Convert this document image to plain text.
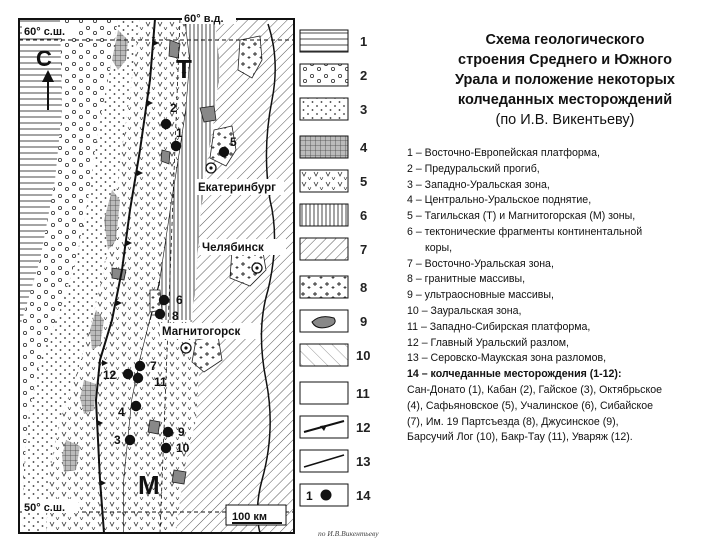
60° с.ш.
60° в.д.
50° с.ш.
С	Т
М
Екатеринбург
Челябинск
Магнитогорск
1
2
3
4
5
6
7
8
9
10
11
12
100 км
по И.В.Викентьеву
1
1
2
3
4
5
6
7
8
9
10
11
12
13
14
Схема геологического
строения Среднего и Южного
Урала и положение некоторых
колчеданных месторождений
(по И.В. Викентьеву)
1 – Восточно-Европейская платформа,
2 – Предуральский прогиб,
3 – Западно-Уральская зона,
4 – Центрально-Уральское поднятие,
5 – Тагильская (Т) и Магнитогорская (М) зоны,
6 – тектонические фрагменты континентальной
коры,
7 – Восточно-Уральская зона,
8 – гранитные массивы,
9 – ультраосновные массивы,
10 – Зауральская зона,
11 – Западно-Сибирская платформа,
12 – Главный Уральский разлом,
13 – Серовско-Маукская зона разломов,
14 – колчеданные месторождения (1-12):
Сан-Донато (1), Кабан (2), Гайское (3), Октябрьское
(4), Сафьяновское (5), Учалинское (6), Сибайское
(7), Им. 19 Партсъезда (8), Джусинское (9),
Барсучий Лог (10), Бакр-Тау (11), Уваряж (12).
